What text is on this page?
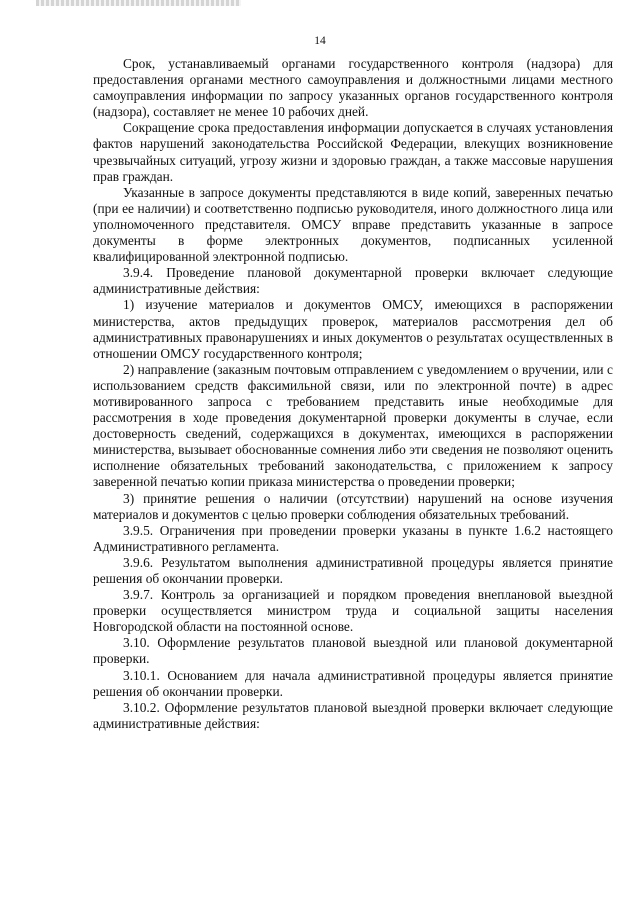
14

Срок, устанавливаемый органами государственного контроля (надзора) для предоставления органами местного самоуправления и должностными лицами местного самоуправления информации по запросу указанных органов государственного контроля (надзора), составляет не менее 10 рабочих дней.

Сокращение срока предоставления информации допускается в случаях установления фактов нарушений законодательства Российской Федерации, влекущих возникновение чрезвычайных ситуаций, угрозу жизни и здоровью граждан, а также массовые нарушения прав граждан.

Указанные в запросе документы представляются в виде копий, заверенных печатью (при ее наличии) и соответственно подписью руководителя, иного должностного лица или уполномоченного представителя. ОМСУ вправе представить указанные в запросе документы в форме электронных документов, подписанных усиленной квалифицированной электронной подписью.

3.9.4. Проведение плановой документарной проверки включает следующие административные действия:

1) изучение материалов и документов ОМСУ, имеющихся в распоряжении министерства, актов предыдущих проверок, материалов рассмотрения дел об административных правонарушениях и иных документов о результатах осуществленных в отношении ОМСУ государственного контроля;

2) направление (заказным почтовым отправлением с уведомлением о вручении, или с использованием средств факсимильной связи, или по электронной почте) в адрес мотивированного запроса с требованием представить иные необходимые для рассмотрения в ходе проведения документарной проверки документы в случае, если достоверность сведений, содержащихся в документах, имеющихся в распоряжении министерства, вызывает обоснованные сомнения либо эти сведения не позволяют оценить исполнение обязательных требований законодательства, с приложением к запросу заверенной печатью копии приказа министерства о проведении проверки;

3) принятие решения о наличии (отсутствии) нарушений на основе изучения материалов и документов с целью проверки соблюдения обязательных требований.

3.9.5. Ограничения при проведении проверки указаны в пункте 1.6.2 настоящего Административного регламента.

3.9.6. Результатом выполнения административной процедуры является принятие решения об окончании проверки.

3.9.7. Контроль за организацией и порядком проведения внеплановой выездной проверки осуществляется министром труда и социальной защиты населения Новгородской области на постоянной основе.

3.10. Оформление результатов плановой выездной или плановой документарной проверки.

3.10.1. Основанием для начала административной процедуры является принятие решения об окончании проверки.

3.10.2. Оформление результатов плановой выездной проверки включает следующие административные действия:
